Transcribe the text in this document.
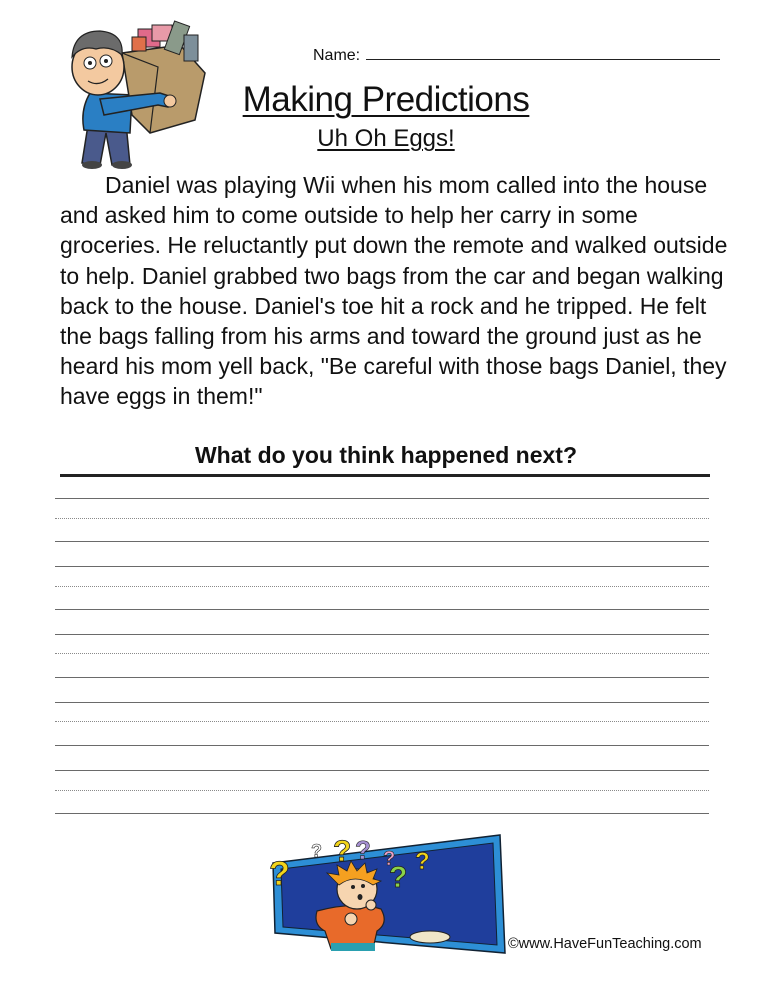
Name:
Making Predictions
Uh Oh Eggs!
Daniel was playing Wii when his mom called into the house and asked him to come outside to help her carry in some groceries. He reluctantly put down the remote and walked outside to help. Daniel grabbed two bags from the car and began walking back to the house. Daniel's toe hit a rock and he tripped. He felt the bags falling from his arms and toward the ground just as he heard his mom yell back, "Be careful with those bags Daniel, they have eggs in them!"
What do you think happened next?
?
? ? ? ?
? ?
©www.HaveFunTeaching.com
